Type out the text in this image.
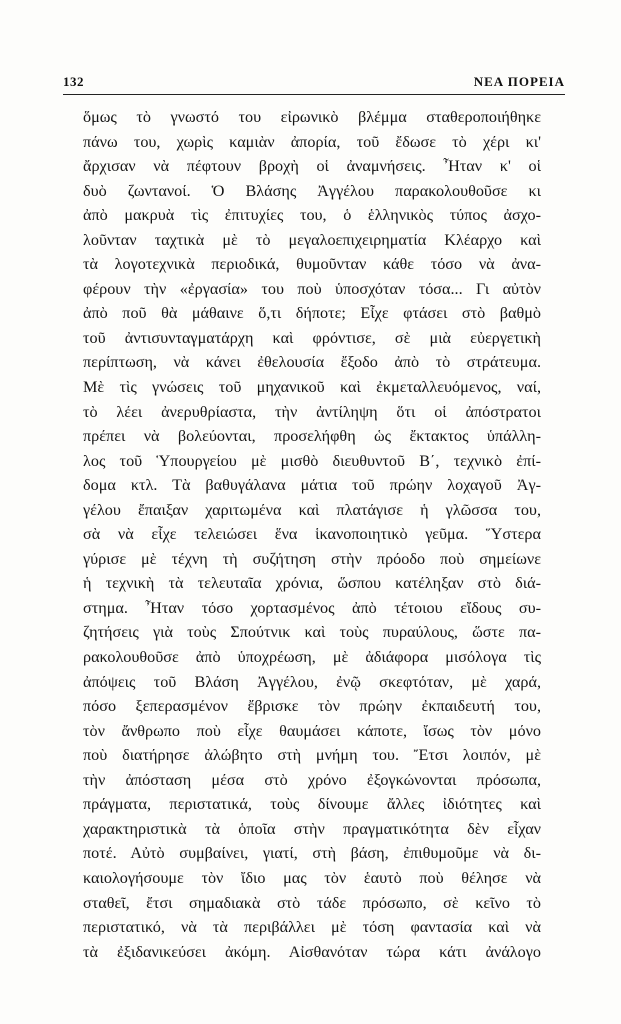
132	ΝΕΑ ΠΟΡΕΙΑ
ὅμως τὸ γνωστό του εἰρωνικὸ βλέμμα σταθεροποιήθηκε
πάνω του, χωρὶς καμιὰν ἀπορία, τοῦ ἔδωσε τὸ χέρι κι'
ἄρχισαν νὰ πέφτουν βροχὴ οἱ ἀναμνήσεις. Ἦταν κ' οἱ
δυὸ ζωντανοί. Ὁ Βλάσης Ἀγγέλου παρακολουθοῦσε κι
ἀπὸ μακρυὰ τὶς ἐπιτυχίες του, ὁ ἑλληνικὸς τύπος ἀσχο-
λοῦνταν ταχτικὰ μὲ τὸ μεγαλοεπιχειρηματία Κλέαρχο καὶ
τὰ λογοτεχνικὰ περιοδικά, θυμοῦνταν κάθε τόσο νὰ ἀνα-
φέρουν τὴν «ἐργασία» του ποὺ ὑποσχόταν τόσα... Γι αὐτὸν
ἀπὸ ποῦ θὰ μάθαινε ὅ,τι δήποτε; Εἶχε φτάσει στὸ βαθμὸ
τοῦ ἀντισυνταγματάρχη καὶ φρόντισε, σὲ μιὰ εὐεργετικὴ
περίπτωση, νὰ κάνει ἐθελουσία ἔξοδο ἀπὸ τὸ στράτευμα.
Μὲ τὶς γνώσεις τοῦ μηχανικοῦ καὶ ἐκμεταλλευόμενος, ναί,
τὸ λέει ἀνερυθρίαστα, τὴν ἀντίληψη ὅτι οἱ ἀπόστρατοι
πρέπει νὰ βολεύονται, προσελήφθη ὡς ἔκτακτος ὑπάλλη-
λος τοῦ Ὑπουργείου μὲ μισθὸ διευθυντοῦ Β΄, τεχνικὸ ἐπί-
δομα κτλ. Τὰ βαθυγάλανα μάτια τοῦ πρώην λοχαγοῦ Ἀγ-
γέλου ἔπαιξαν χαριτωμένα καὶ πλατάγισε ἡ γλῶσσα του,
σὰ νὰ εἶχε τελειώσει ἕνα ἱκανοποιητικὸ γεῦμα. Ὕστερα
γύρισε μὲ τέχνη τὴ συζήτηση στὴν πρόοδο ποὺ σημείωνε
ἡ τεχνικὴ τὰ τελευταῖα χρόνια, ὥσπου κατέληξαν στὸ διά-
στημα. Ἦταν τόσο χορτασμένος ἀπὸ τέτοιου εἴδους συ-
ζητήσεις γιὰ τοὺς Σπούτνικ καὶ τοὺς πυραύλους, ὥστε πα-
ρακολουθοῦσε ἀπὸ ὑποχρέωση, μὲ ἀδιάφορα μισόλογα τὶς
ἀπόψεις τοῦ Βλάση Ἀγγέλου, ἐνῷ σκεφτόταν, μὲ χαρά,
πόσο ξεπερασμένον ἔβρισκε τὸν πρώην ἐκπαιδευτή του,
τὸν ἄνθρωπο ποὺ εἶχε θαυμάσει κάποτε, ἴσως τὸν μόνο
ποὺ διατήρησε ἀλώβητο στὴ μνήμη του. Ἔτσι λοιπόν, μὲ
τὴν ἀπόσταση μέσα στὸ χρόνο ἐξογκώνονται πρόσωπα,
πράγματα, περιστατικά, τοὺς δίνουμε ἄλλες ἰδιότητες καὶ
χαρακτηριστικὰ τὰ ὁποῖα στὴν πραγματικότητα δὲν εἶχαν
ποτέ. Αὐτὸ συμβαίνει, γιατί, στὴ βάση, ἐπιθυμοῦμε νὰ δι-
καιολογήσουμε τὸν ἴδιο μας τὸν ἑαυτὸ ποὺ θέλησε νὰ
σταθεῖ, ἔτσι σημαδιακὰ στὸ τάδε πρόσωπο, σὲ κεῖνο τὸ
περιστατικό, νὰ τὰ περιβάλλει μὲ τόση φαντασία καὶ νὰ
τὰ ἐξιδανικεύσει ἀκόμη. Αἰσθανόταν τώρα κάτι ἀνάλογο
